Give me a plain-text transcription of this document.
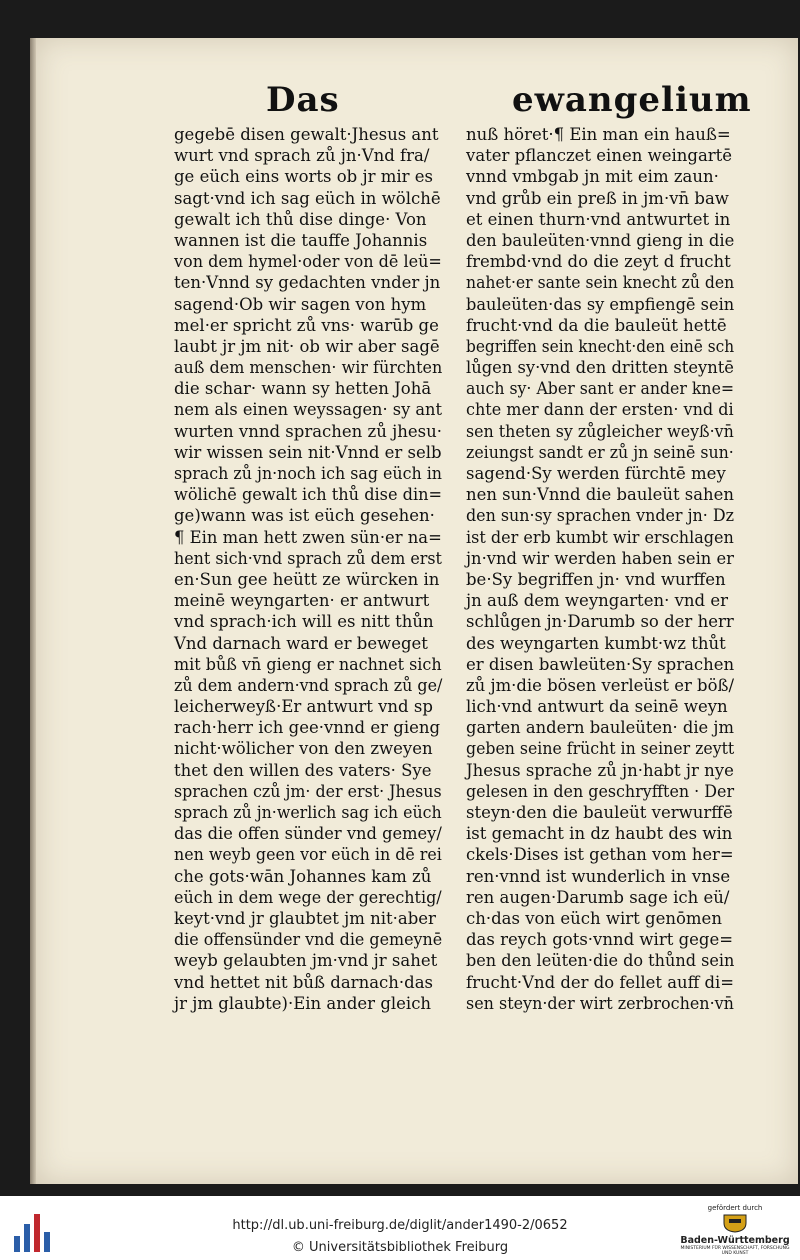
Das	ewangelium
gegebē disen gewalt·Jhesus ant
wurt vnd sprach zů jn·Vnd fra/
ge eüch eins worts ob jr mir es
sagt·vnd ich sag eüch in wölchē
gewalt ich thů dise dinge· Von
wannen ist die tauffe Johannis
von dem hymel·oder von dē leü=
ten·Vnnd sy gedachten vnder jn
sagend·Ob wir sagen von hym
mel·er spricht zů vns· warūb ge
laubt jr jm nit· ob wir aber sagē
auß dem menschen· wir fürchten
die schar· wann sy hetten Johā
nem als einen weyssagen· sy ant
wurten vnnd sprachen zů jhesu·
wir wissen sein nit·Vnnd er selb
sprach zů jn·noch ich sag eüch in
wölichē gewalt ich thů dise din=
ge)wann was ist eüch gesehen·
¶ Ein man hett zwen sün·er na=
hent sich·vnd sprach zů dem erst
en·Sun gee heütt ze würcken in
meinē weyngarten· er antwurt
vnd sprach·ich will es nitt thůn
Vnd darnach ward er beweget
mit bůß vn̄ gieng er nachnet sich
zů dem andern·vnd sprach zů ge/
leicherweyß·Er antwurt vnd sp
rach·herr ich gee·vnnd er gieng
nicht·wölicher von den zweyen
thet den willen des vaters· Sye
sprachen czů jm· der erst· Jhesus
sprach zů jn·werlich sag ich eüch
das die offen sünder vnd gemey/
nen weyb geen vor eüch in dē rei
che gots·wān Johannes kam zů
eüch in dem wege der gerechtig/
keyt·vnd jr glaubtet jm nit·aber
die offensünder vnd die gemeynē
weyb gelaubten jm·vnd jr sahet
vnd hettet nit bůß darnach·das
jr jm glaubte)·Ein ander gleich
nuß höret·¶ Ein man ein hauß=
vater pflanczet einen weingartē
vnnd vmbgab jn mit eim zaun·
vnd grůb ein preß in jm·vn̄ baw
et einen thurn·vnd antwurtet in
den bauleüten·vnnd gieng in die
frembd·vnd do die zeyt d frucht
nahet·er sante sein knecht zů den
bauleüten·das sy empfiengē sein
frucht·vnd da die bauleüt hettē
begriffen sein knecht·den einē sch
lůgen sy·vnd den dritten steyntē
auch sy· Aber sant er ander kne=
chte mer dann der ersten· vnd di
sen theten sy zůgleicher weyß·vn̄
zeiungst sandt er zů jn seinē sun·
sagend·Sy werden fürchtē mey
nen sun·Vnnd die bauleüt sahen
den sun·sy sprachen vnder jn· Dz
ist der erb kumbt wir erschlagen
jn·vnd wir werden haben sein er
be·Sy begriffen jn· vnd wurffen
jn auß dem weyngarten· vnd er
schlůgen jn·Darumb so der herr
des weyngarten kumbt·wz thůt
er disen bawleüten·Sy sprachen
zů jm·die bösen verleüst er böß/
lich·vnd antwurt da seinē weyn
garten andern bauleüten· die jm
geben seine frücht in seiner zeytt
Jhesus sprache zů jn·habt jr nye
gelesen in den geschryfften · Der
steyn·den die bauleüt verwurffē
ist gemacht in dz haubt des win
ckels·Dises ist gethan vom her=
ren·vnnd ist wunderlich in vnse
ren augen·Darumb sage ich eü/
ch·das von eüch wirt genōmen
das reych gots·vnnd wirt gege=
ben den leüten·die do thůnd sein
frucht·Vnd der do fellet auff di=
sen steyn·der wirt zerbrochen·vn̄
http://dl.ub.uni-freiburg.de/diglit/ander1490-2/0652
© Universitätsbibliothek Freiburg
gefördert durch
Baden-Württemberg
MINISTERIUM FÜR WISSENSCHAFT, FORSCHUNG UND KUNST
